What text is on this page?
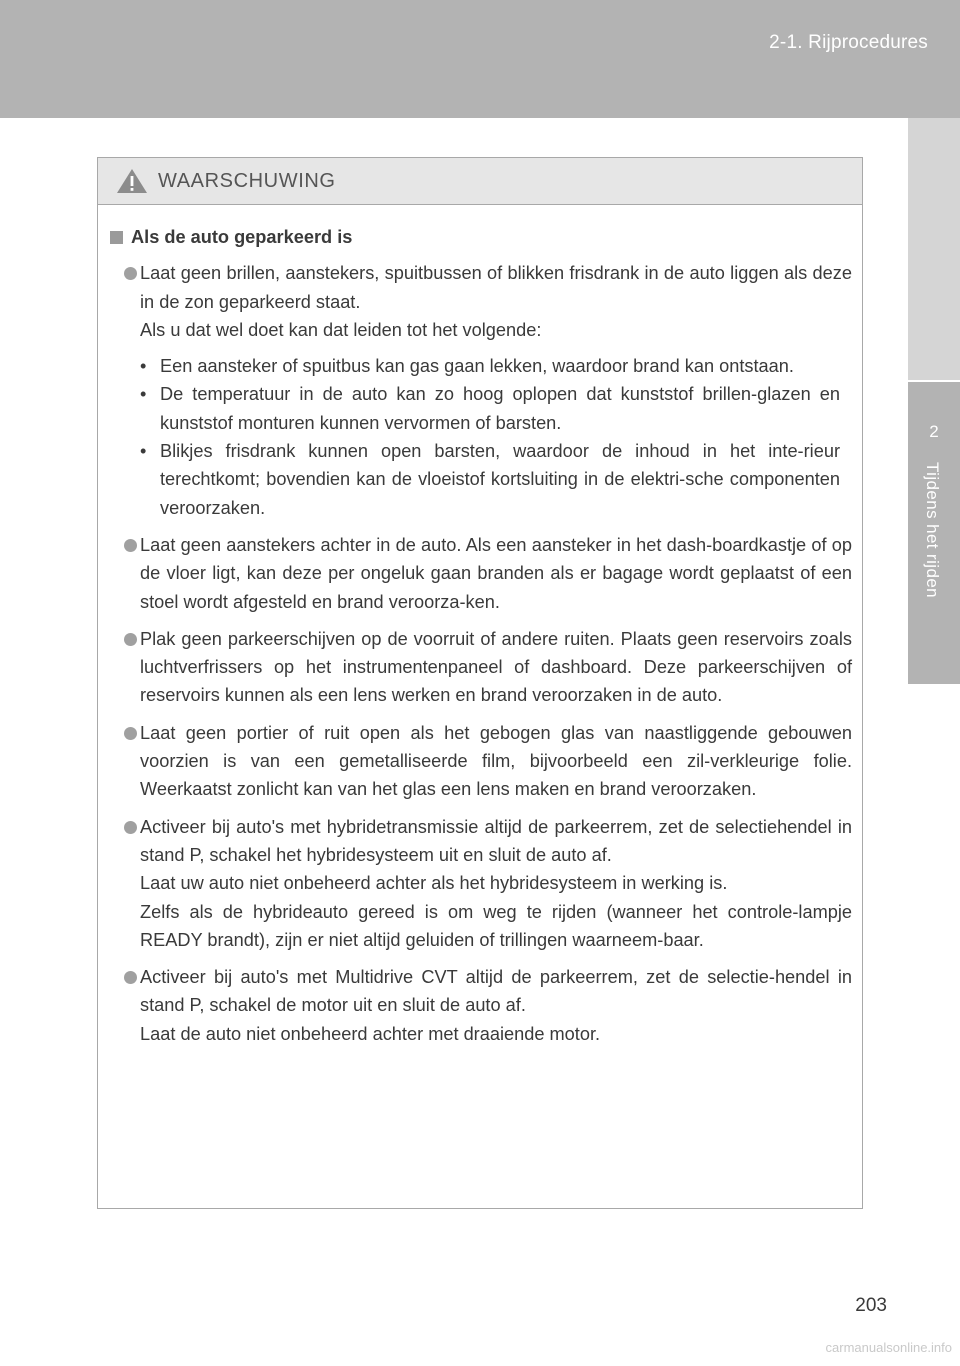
2-1. Rijprocedures
2
Tijdens het rijden
WAARSCHUWING
Als de auto geparkeerd is
Laat geen brillen, aanstekers, spuitbussen of blikken frisdrank in de auto liggen als deze in de zon geparkeerd staat.
Als u dat wel doet kan dat leiden tot het volgende:
• Een aansteker of spuitbus kan gas gaan lekken, waardoor brand kan ontstaan.
• De temperatuur in de auto kan zo hoog oplopen dat kunststof brillen-glazen en kunststof monturen kunnen vervormen of barsten.
• Blikjes frisdrank kunnen open barsten, waardoor de inhoud in het inte-rieur terechtkomt; bovendien kan de vloeistof kortsluiting in de elektri-sche componenten veroorzaken.
Laat geen aanstekers achter in de auto. Als een aansteker in het dash-boardkastje of op de vloer ligt, kan deze per ongeluk gaan branden als er bagage wordt geplaatst of een stoel wordt afgesteld en brand veroorza-ken.
Plak geen parkeerschijven op de voorruit of andere ruiten. Plaats geen reservoirs zoals luchtverfrissers op het instrumentenpaneel of dashboard. Deze parkeerschijven of reservoirs kunnen als een lens werken en brand veroorzaken in de auto.
Laat geen portier of ruit open als het gebogen glas van naastliggende gebouwen voorzien is van een gemetalliseerde film, bijvoorbeeld een zil-verkleurige folie. Weerkaatst zonlicht kan van het glas een lens maken en brand veroorzaken.
Activeer bij auto's met hybridetransmissie altijd de parkeerrem, zet de selectiehendel in stand P, schakel het hybridesysteem uit en sluit de auto af.
Laat uw auto niet onbeheerd achter als het hybridesysteem in werking is.
Zelfs als de hybrideauto gereed is om weg te rijden (wanneer het controle-lampje READY brandt), zijn er niet altijd geluiden of trillingen waarneem-baar.
Activeer bij auto's met Multidrive CVT altijd de parkeerrem, zet de selectie-hendel in stand P, schakel de motor uit en sluit de auto af.
Laat de auto niet onbeheerd achter met draaiende motor.
203
carmanualsonline.info
